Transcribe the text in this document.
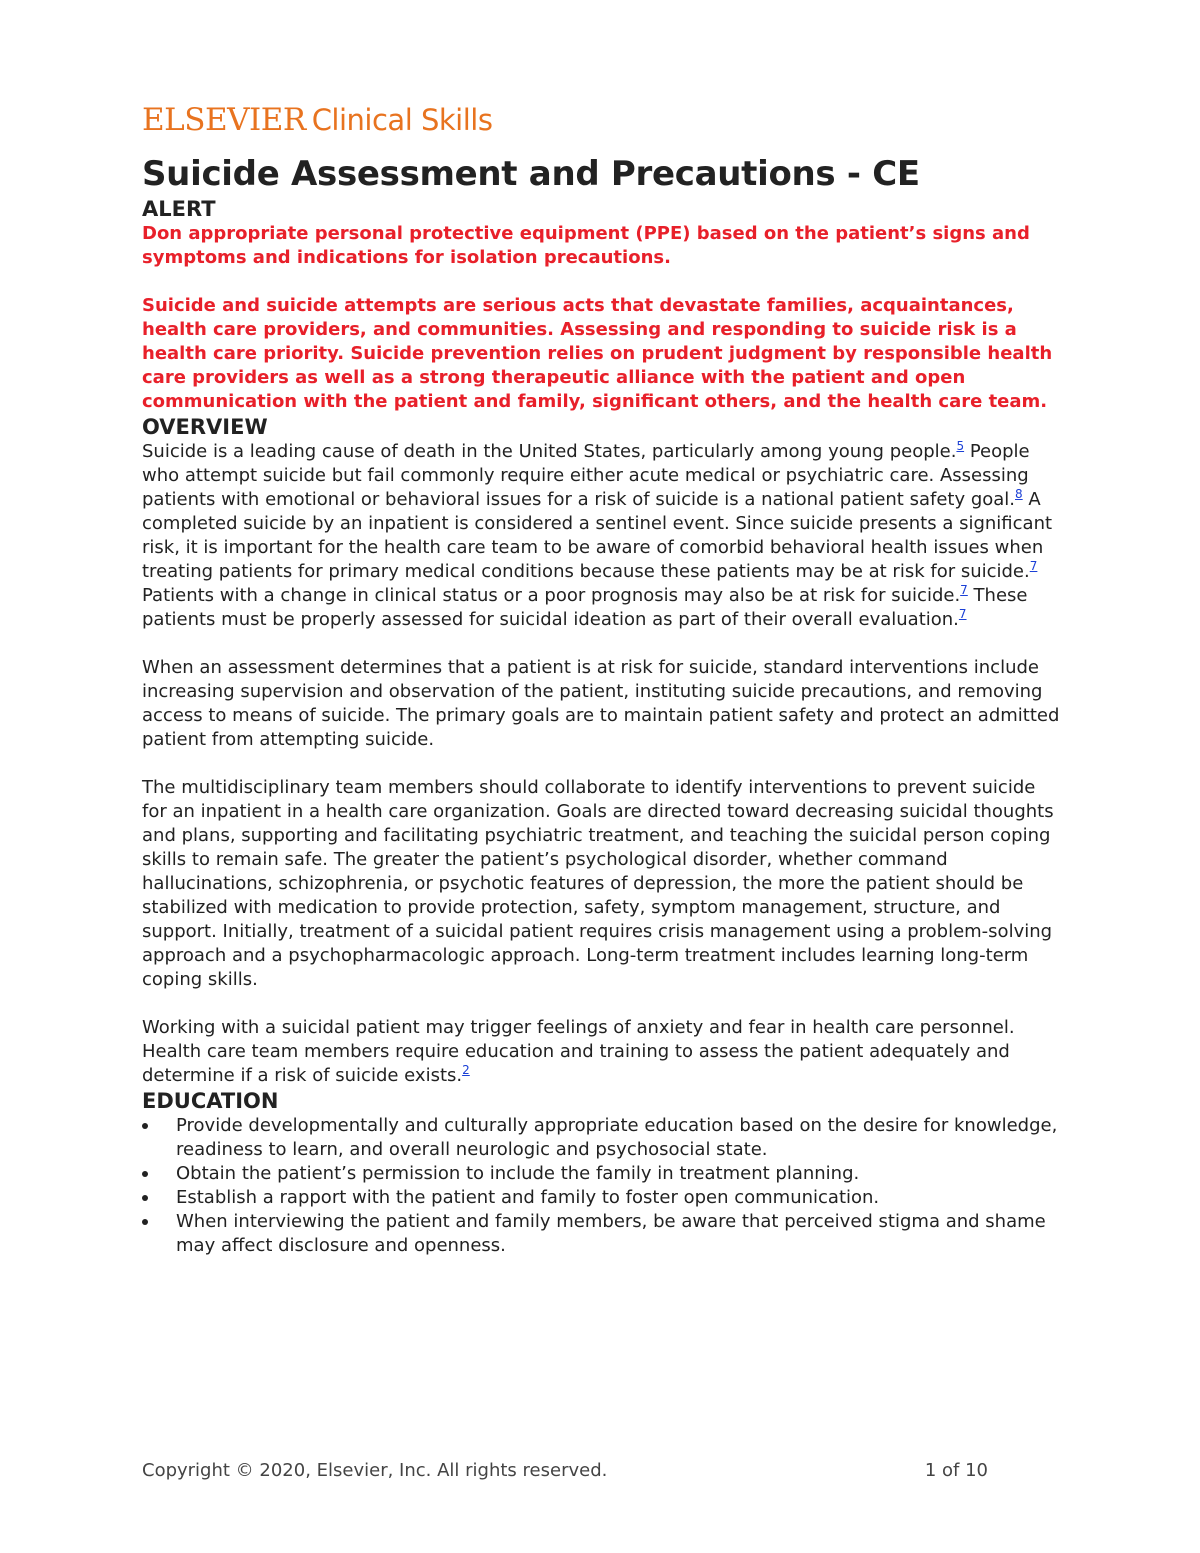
ELSEVIER Clinical Skills
Suicide Assessment and Precautions - CE
ALERT

Don appropriate personal protective equipment (PPE) based on the patient’s signs and symptoms and indications for isolation precautions.

Suicide and suicide attempts are serious acts that devastate families, acquaintances, health care providers, and communities. Assessing and responding to suicide risk is a health care priority. Suicide prevention relies on prudent judgment by responsible health care providers as well as a strong therapeutic alliance with the patient and open communication with the patient and family, significant others, and the health care team.

OVERVIEW

Suicide is a leading cause of death in the United States, particularly among young people.$^5$ People who attempt suicide but fail commonly require either acute medical or psychiatric care. Assessing patients with emotional or behavioral issues for a risk of suicide is a national patient safety goal.$^8$ A completed suicide by an inpatient is considered a sentinel event. Since suicide presents a significant risk, it is important for the health care team to be aware of comorbid behavioral health issues when treating patients for primary medical conditions because these patients may be at risk for suicide.$^7$ Patients with a change in clinical status or a poor prognosis may also be at risk for suicide.$^7$ These patients must be properly assessed for suicidal ideation as part of their overall evaluation.$^7$

When an assessment determines that a patient is at risk for suicide, standard interventions include increasing supervision and observation of the patient, instituting suicide precautions, and removing access to means of suicide. The primary goals are to maintain patient safety and protect an admitted patient from attempting suicide.

The multidisciplinary team members should collaborate to identify interventions to prevent suicide for an inpatient in a health care organization. Goals are directed toward decreasing suicidal thoughts and plans, supporting and facilitating psychiatric treatment, and teaching the suicidal person coping skills to remain safe. The greater the patient’s psychological disorder, whether command hallucinations, schizophrenia, or psychotic features of depression, the more the patient should be stabilized with medication to provide protection, safety, symptom management, structure, and support. Initially, treatment of a suicidal patient requires crisis management using a problem-solving approach and a psychopharmacologic approach. Long-term treatment includes learning long-term coping skills.

Working with a suicidal patient may trigger feelings of anxiety and fear in health care personnel. Health care team members require education and training to assess the patient adequately and determine if a risk of suicide exists.$^2$

EDUCATION
Provide developmentally and culturally appropriate education based on the desire for knowledge, readiness to learn, and overall neurologic and psychosocial state.
Obtain the patient’s permission to include the family in treatment planning.
Establish a rapport with the patient and family to foster open communication.
When interviewing the patient and family members, be aware that perceived stigma and shame may affect disclosure and openness.
Copyright © 2020, Elsevier, Inc. All rights reserved.	1 of 10
